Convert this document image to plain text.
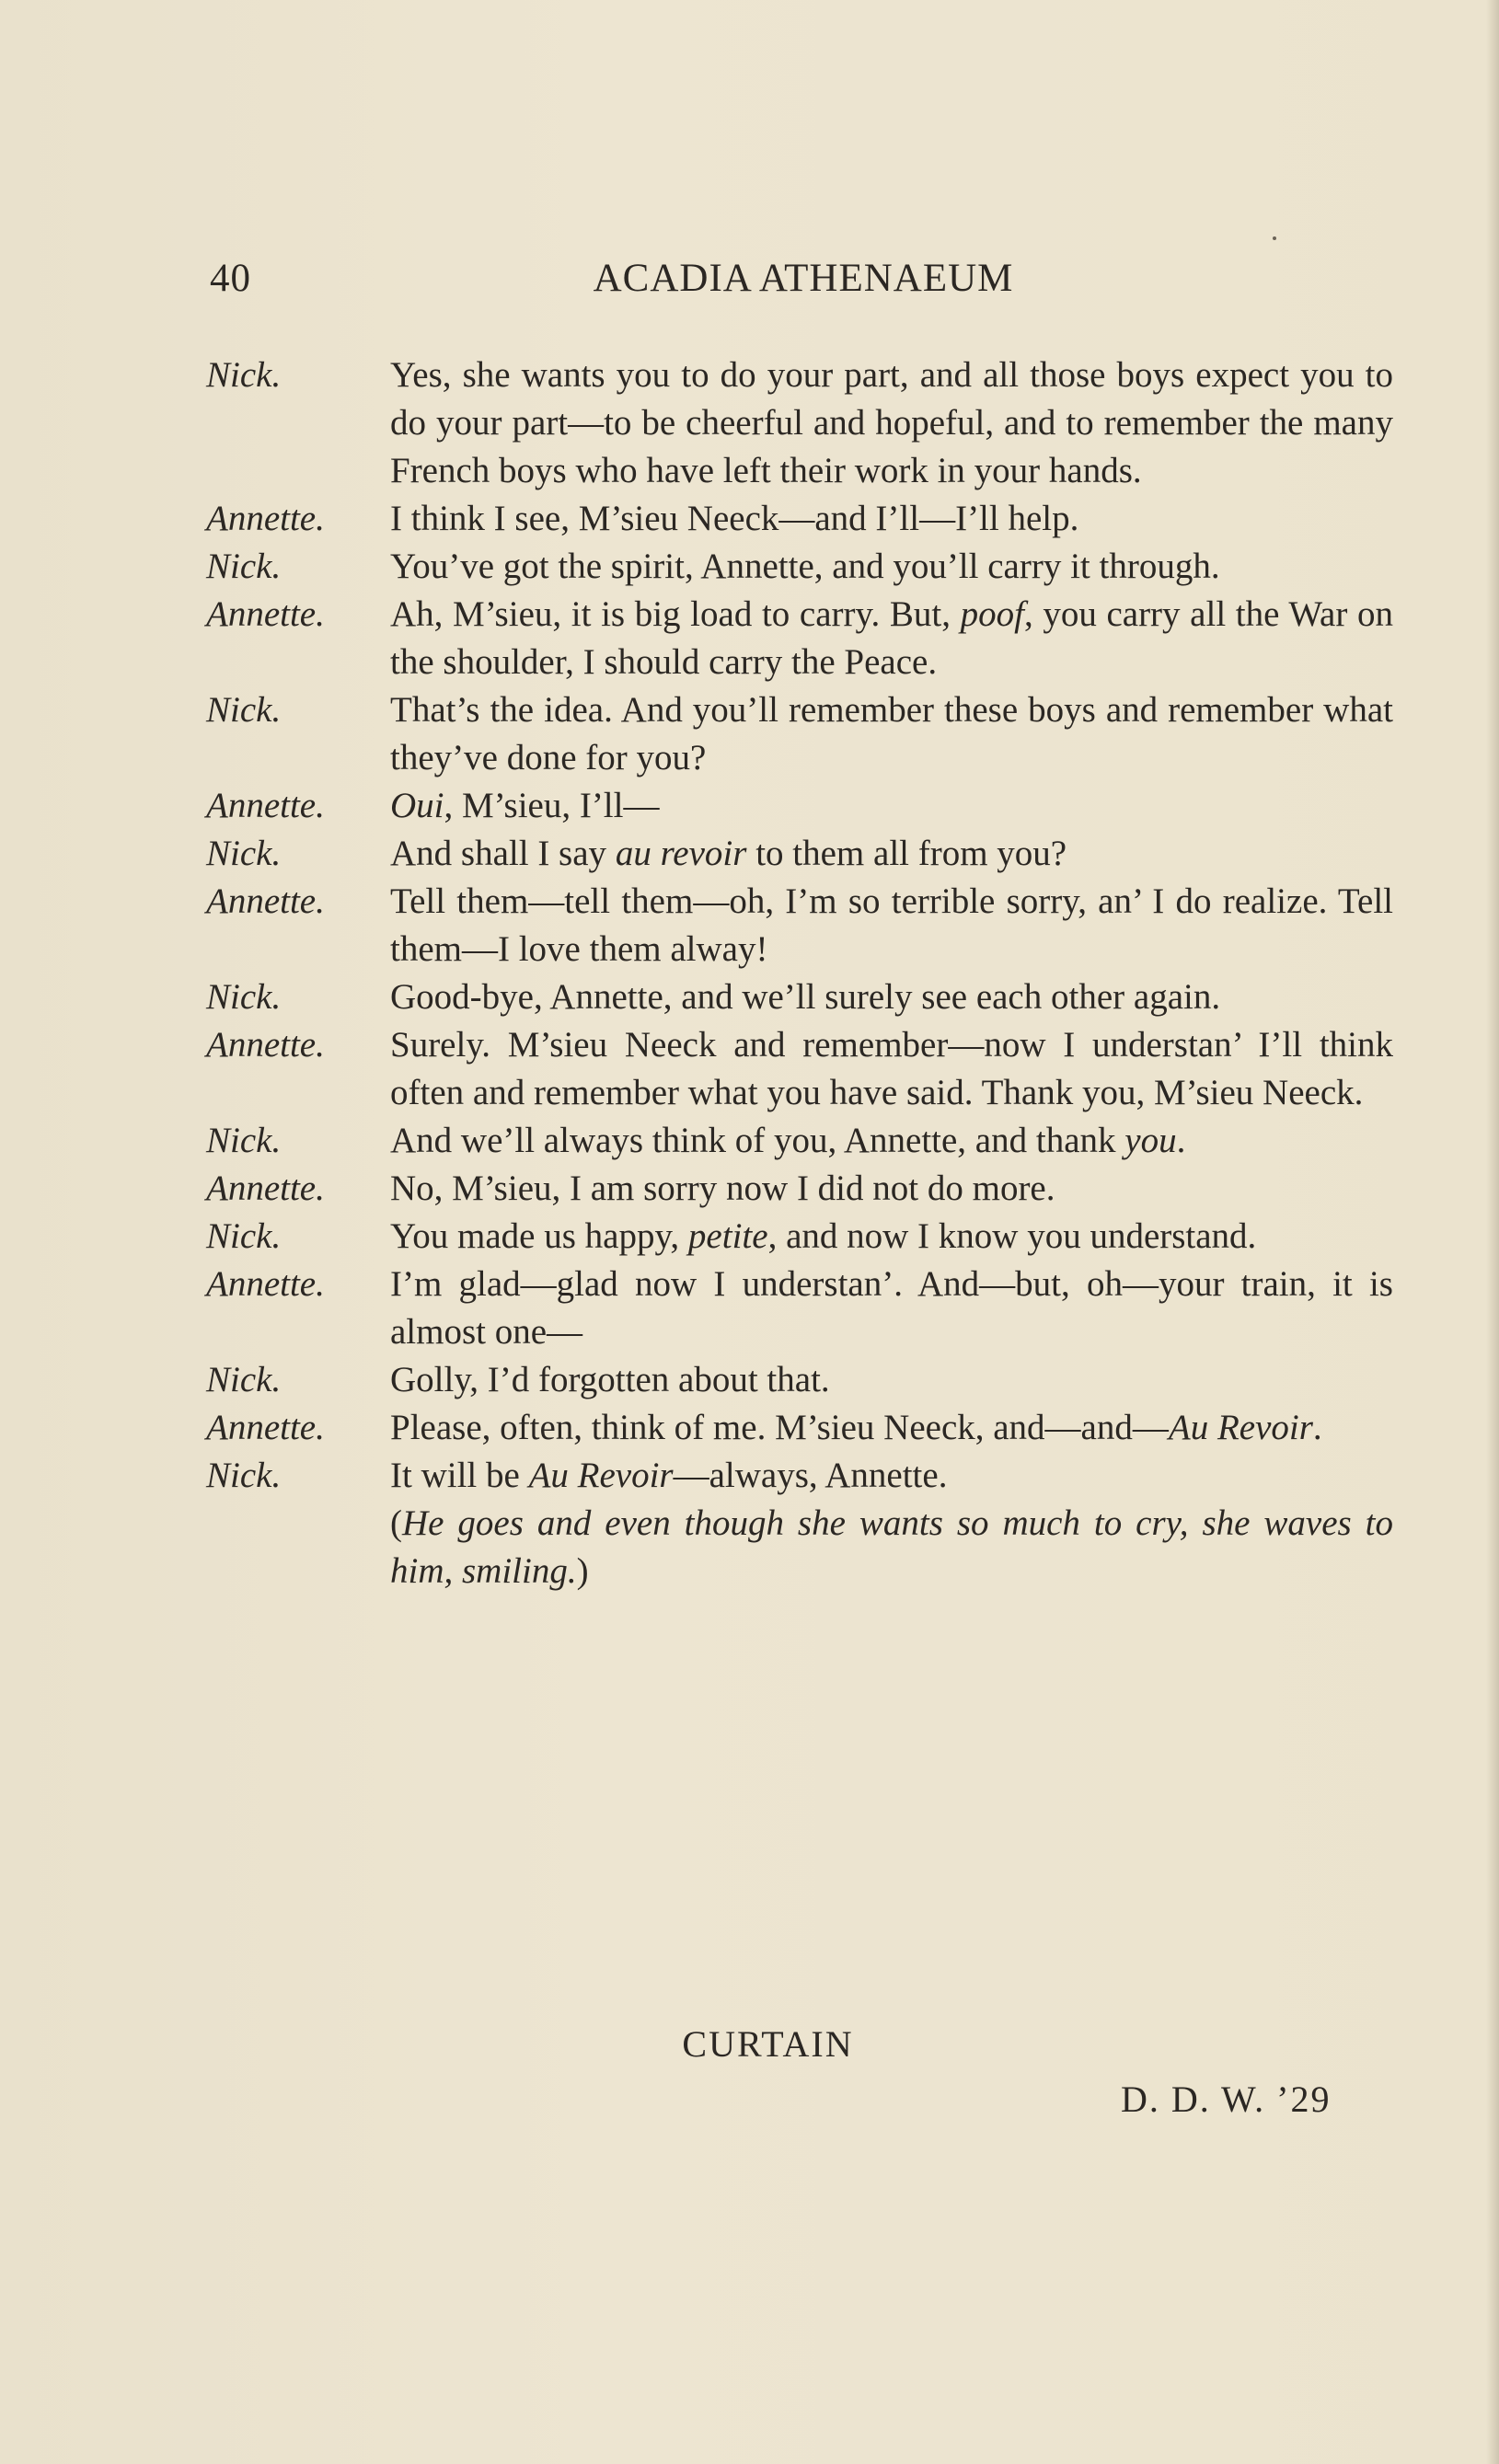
40	ACADIA ATHENAEUM
Nick.	Yes, she wants you to do your part, and all those boys expect you to do your part—to be cheerful and hopeful, and to remember the many French boys who have left their work in your hands.
Annette.	I think I see, M’sieu Neeck—and I’ll—I’ll help.
Nick.	You’ve got the spirit, Annette, and you’ll carry it through.
Annette.	Ah, M’sieu, it is big load to carry. But, poof, you carry all the War on the shoulder, I should carry the Peace.
Nick.	That’s the idea. And you’ll remember these boys and remember what they’ve done for you?
Annette.	Oui, M’sieu, I’ll—
Nick.	And shall I say au revoir to them all from you?
Annette.	Tell them—tell them—oh, I’m so terrible sorry, an’ I do realize. Tell them—I love them alway!
Nick.	Good-bye, Annette, and we’ll surely see each other again.
Annette.	Surely. M’sieu Neeck and remember—now I understan’ I’ll think often and remember what you have said. Thank you, M’sieu Neeck.
Nick.	And we’ll always think of you, Annette, and thank you.
Annette.	No, M’sieu, I am sorry now I did not do more.
Nick.	You made us happy, petite, and now I know you understand.
Annette.	I’m glad—glad now I understan’. And—but, oh—your train, it is almost one—
Nick.	Golly, I’d forgotten about that.
Annette.	Please, often, think of me. M’sieu Neeck, and—and—Au Revoir.
Nick.	It will be Au Revoir—always, Annette.
(He goes and even though she wants so much to cry, she waves to him, smiling.)
CURTAIN
D. D. W. ’29
